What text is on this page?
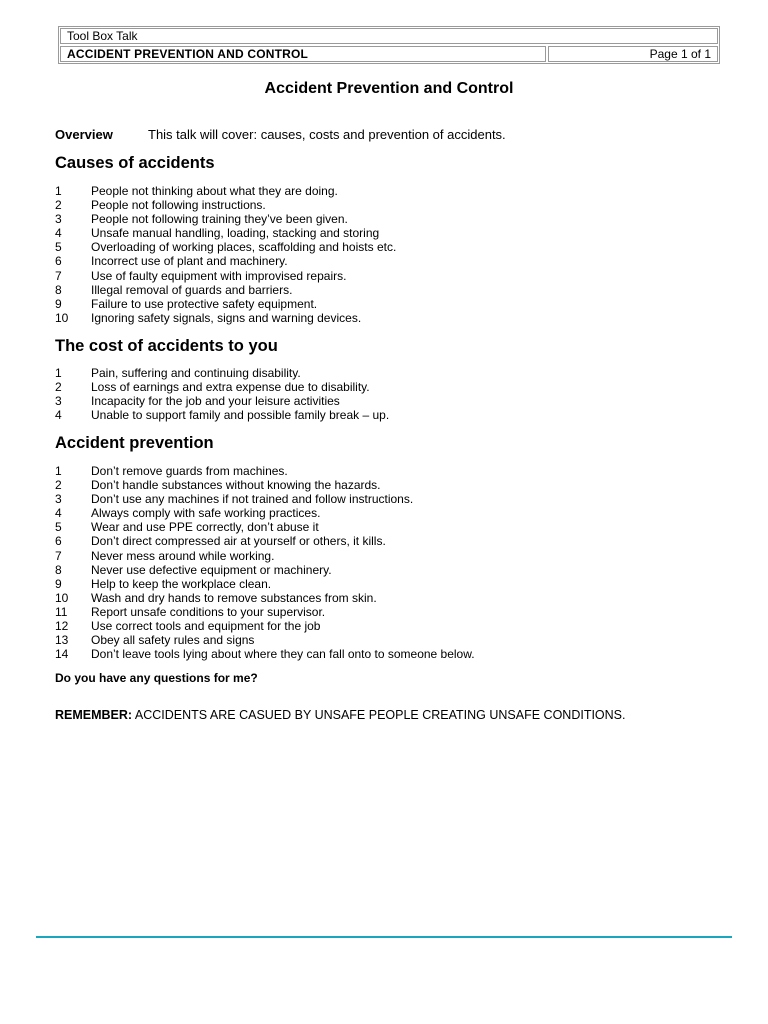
Tool Box Talk
ACCIDENT PREVENTION AND CONTROL	Page 1 of 1
Accident Prevention and Control
Overview	This talk will cover: causes, costs and prevention of accidents.
Causes of accidents
1 People not thinking about what they are doing.
2 People not following instructions.
3 People not following training they’ve been given.
4 Unsafe manual handling, loading, stacking and storing
5 Overloading of working places, scaffolding and hoists etc.
6 Incorrect use of plant and machinery.
7 Use of faulty equipment with improvised repairs.
8 Illegal removal of guards and barriers.
9 Failure to use protective safety equipment.
10 Ignoring safety signals, signs and warning devices.
The cost of accidents to you
1 Pain, suffering and continuing disability.
2 Loss of earnings and extra expense due to disability.
3 Incapacity for the job and your leisure activities
4 Unable to support family and possible family break – up.
Accident prevention
1 Don’t remove guards from machines.
2 Don’t handle substances without knowing the hazards.
3 Don’t use any machines if not trained and follow instructions.
4 Always comply with safe working practices.
5 Wear and use PPE correctly, don’t abuse it
6 Don’t direct compressed air at yourself or others, it kills.
7 Never mess around while working.
8 Never use defective equipment or machinery.
9 Help to keep the workplace clean.
10 Wash and dry hands to remove substances from skin.
11 Report unsafe conditions to your supervisor.
12 Use correct tools and equipment for the job
13 Obey all safety rules and signs
14 Don’t leave tools lying about where they can fall onto to someone below.
Do you have any questions for me?
REMEMBER: ACCIDENTS ARE CASUED BY UNSAFE PEOPLE CREATING UNSAFE CONDITIONS.
